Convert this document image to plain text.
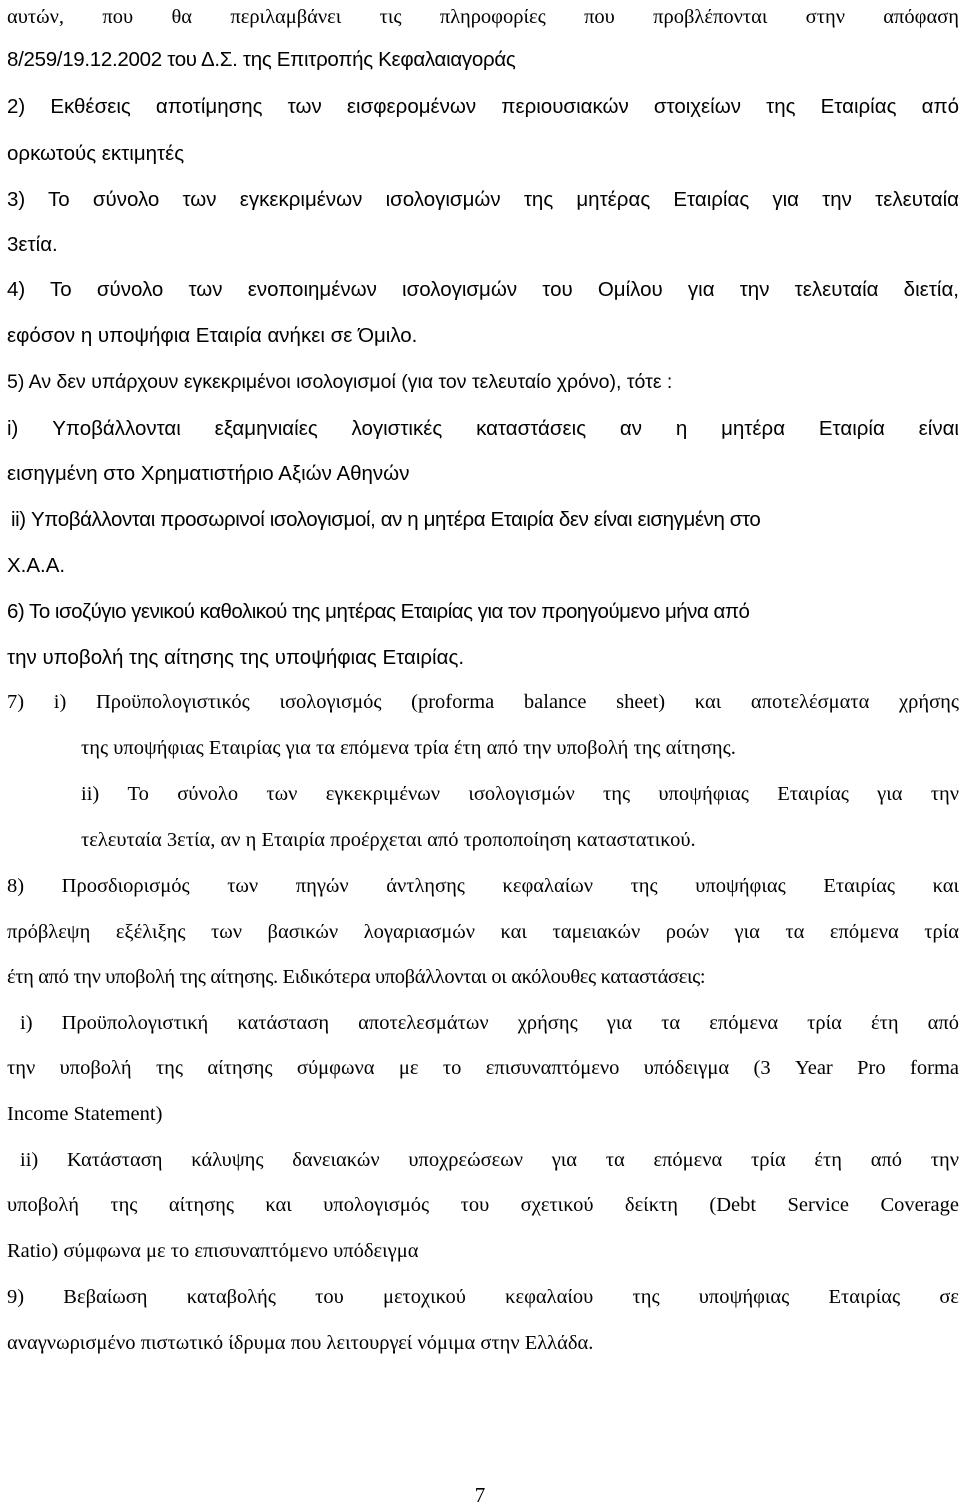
αυτών, που θα περιλαμβάνει τις πληροφορίες που προβλέπονται στην απόφαση
8/259/19.12.2002 του Δ.Σ. της Επιτροπής Κεφαλαιαγοράς
2) Εκθέσεις αποτίμησης των εισφερομένων περιουσιακών στοιχείων της Εταιρίας από
ορκωτούς εκτιμητές
3) Το σύνολο των εγκεκριμένων ισολογισμών της μητέρας Εταιρίας για την τελευταία
3ετία.
4) Το σύνολο των ενοποιημένων ισολογισμών του Ομίλου για την τελευταία διετία,
εφόσον η υποψήφια Εταιρία ανήκει σε Όμιλο.
5) Αν δεν υπάρχουν εγκεκριμένοι ισολογισμοί (για τον τελευταίο χρόνο), τότε :
i) Υποβάλλονται εξαμηνιαίες λογιστικές καταστάσεις αν η μητέρα Εταιρία είναι
εισηγμένη στο Χρηματιστήριο Αξιών Αθηνών
ii) Υποβάλλονται προσωρινοί ισολογισμοί, αν η μητέρα Εταιρία δεν είναι εισηγμένη στο
Χ.Α.Α.
6) Το ισοζύγιο γενικού καθολικού της μητέρας Εταιρίας για τον προηγούμενο μήνα από
την υποβολή της αίτησης της υποψήφιας Εταιρίας.
7) i) Προϋπολογιστικός ισολογισμός (proforma balance sheet) και αποτελέσματα χρήσης
της υποψήφιας Εταιρίας για τα επόμενα τρία έτη από την υποβολή της αίτησης.
ii) Το σύνολο των εγκεκριμένων ισολογισμών της υποψήφιας Εταιρίας για την
τελευταία 3ετία, αν η Εταιρία προέρχεται από τροποποίηση καταστατικού.
8) Προσδιορισμός των πηγών άντλησης κεφαλαίων της υποψήφιας Εταιρίας και
πρόβλεψη εξέλιξης των βασικών λογαριασμών και ταμειακών ροών για τα επόμενα τρία
έτη από την υποβολή της αίτησης. Ειδικότερα υποβάλλονται οι ακόλουθες καταστάσεις:
i) Προϋπολογιστική κατάσταση αποτελεσμάτων χρήσης για τα επόμενα τρία έτη από
την υποβολή της αίτησης σύμφωνα με το επισυναπτόμενο υπόδειγμα (3 Year Pro forma
Income Statement)
ii) Κατάσταση κάλυψης δανειακών υποχρεώσεων για τα επόμενα τρία έτη από την
υποβολή της αίτησης και υπολογισμός του σχετικού δείκτη (Debt Service Coverage
Ratio) σύμφωνα με το επισυναπτόμενο υπόδειγμα
9) Βεβαίωση καταβολής του μετοχικού κεφαλαίου της υποψήφιας Εταιρίας σε
αναγνωρισμένο πιστωτικό ίδρυμα που λειτουργεί νόμιμα στην Ελλάδα.
7
